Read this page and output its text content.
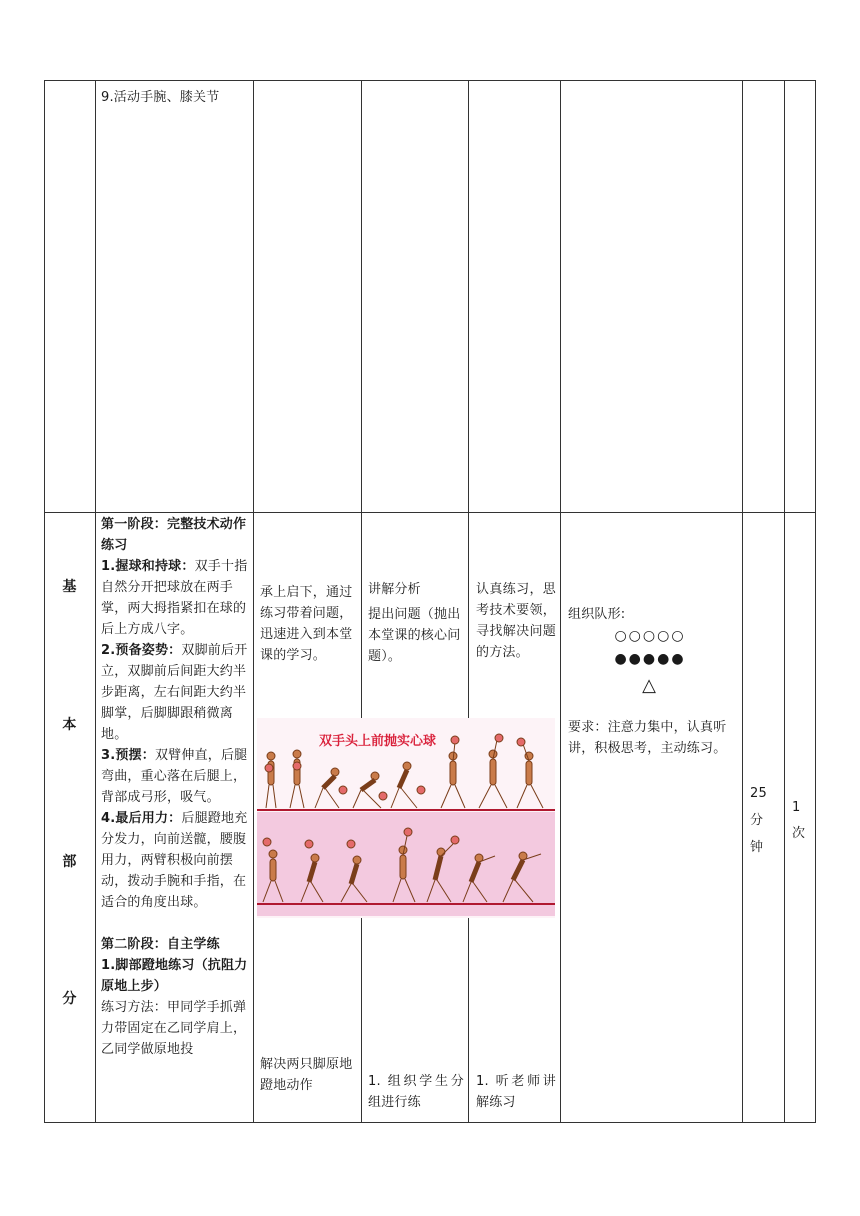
9.活动手腕、膝关节
基
本
部
分
第一阶段：完整技术动作练习
1.握球和持球：双手十指自然分开把球放在两手掌，两大拇指紧扣在球的后上方成八字。
2.预备姿势：双脚前后开立，双脚前后间距大约半步距离，左右间距大约半脚掌，后脚脚跟稍微离地。
3.预摆：双臂伸直，后腿弯曲，重心落在后腿上，背部成弓形，吸气。
4.最后用力：后腿蹬地充分发力，向前送髋，腰腹用力，两臂积极向前摆动，拨动手腕和手指，在适合的角度出球。
第二阶段：自主学练
1.脚部蹬地练习（抗阻力原地上步）
练习方法：甲同学手抓弹力带固定在乙同学肩上，乙同学做原地投
承上启下，通过练习带着问题，迅速进入到本堂课的学习。
解决两只脚原地蹬地动作
讲解分析
提出问题（抛出本堂课的核心问题）。
1. 组织学生分组进行练
认真练习，思考技术要领，寻找解决问题的方法。
1. 听老师讲解练习
组织队形:
○○○○○
●●●●●
△
要求：注意力集中，认真听讲，积极思考，主动练习。
25
分
钟
1
次
双手头上前抛实心球
